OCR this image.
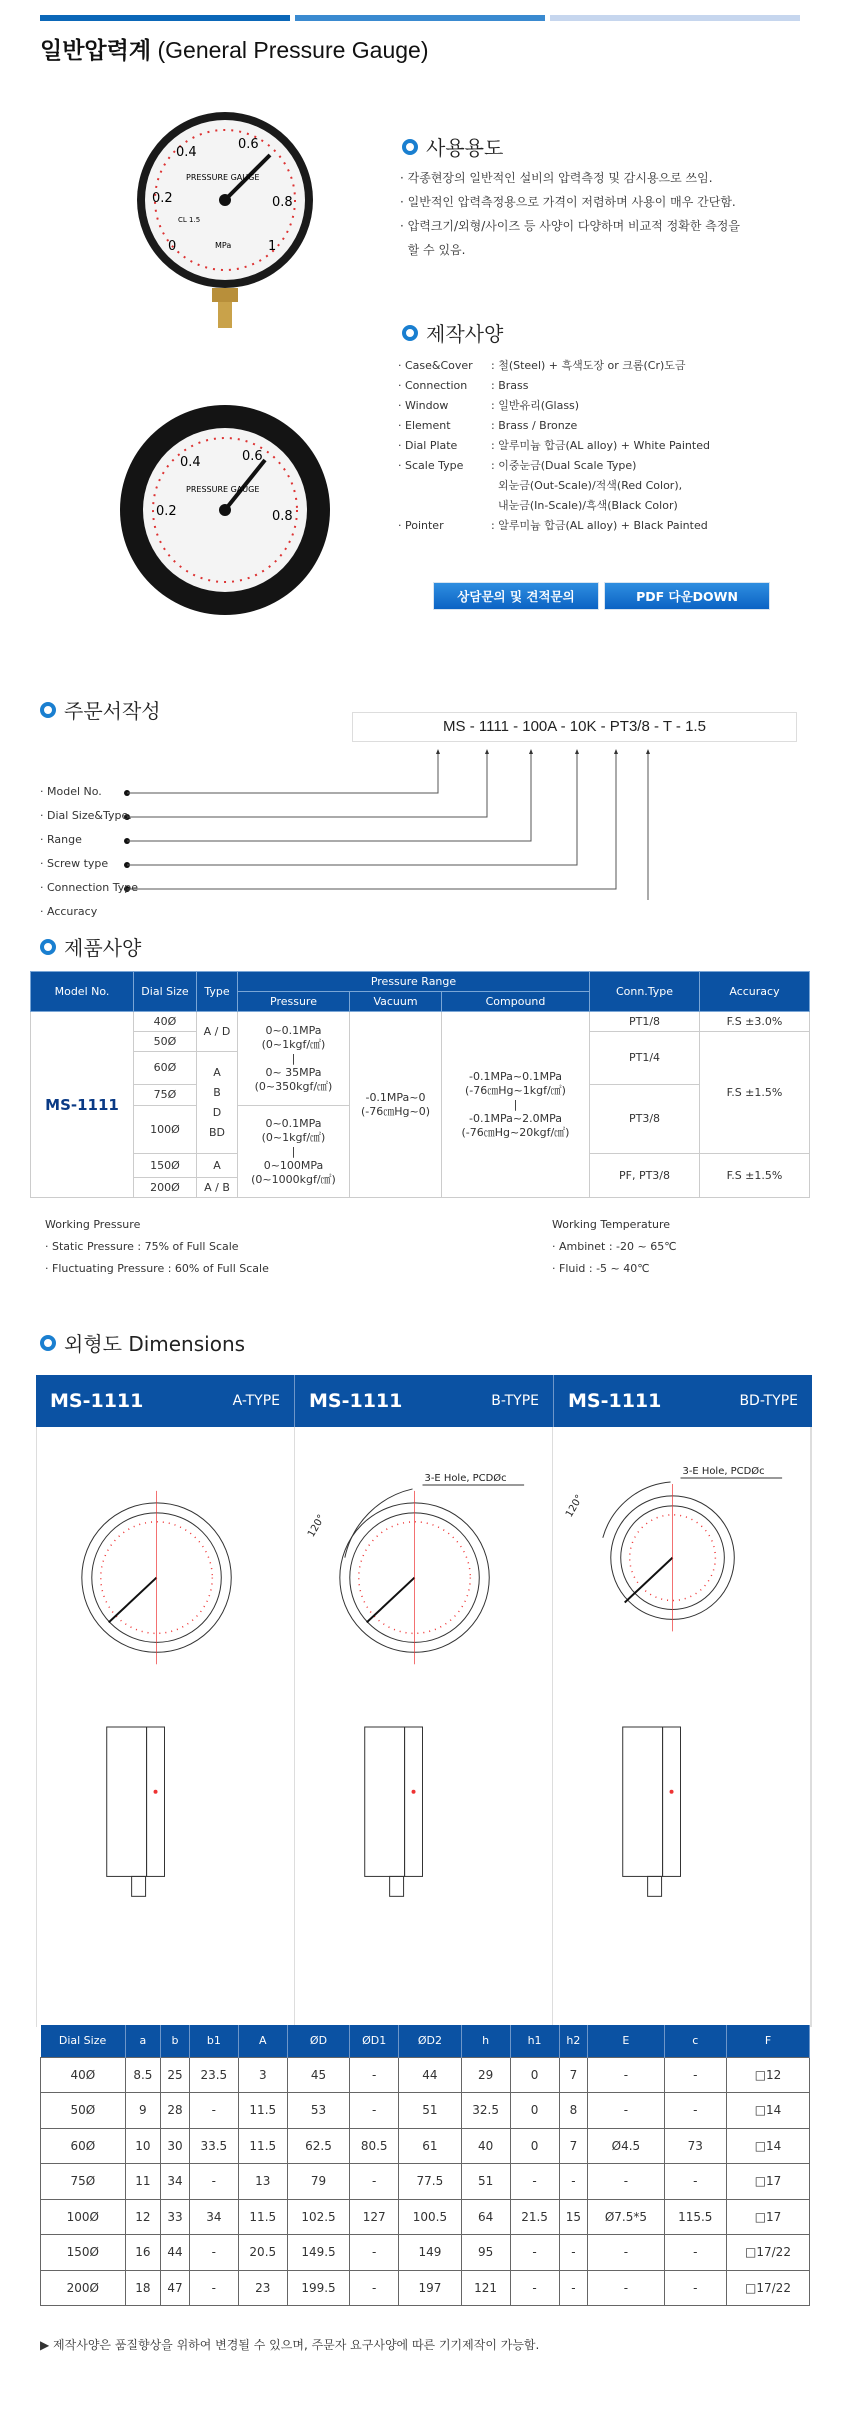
일반압력계 (General Pressure Gauge)
0.4
0.6
0.2	0.8
0	1
PRESSURE GAUGE
CL 1.5
MPa
0.4
0.2
0.6
0.8
PRESSURE GAUGE
사용용도
· 각종현장의 일반적인 설비의 압력측정 및 감시용으로 쓰임.
· 일반적인 압력측정용으로 가격이 저렴하며 사용이 매우 간단함.
· 압력크기/외형/사이즈 등 사양이 다양하며 비교적 정확한 측정을
할 수 있음.
제작사양
· Case&Cover	: 철(Steel) + 흑색도장 or 크롬(Cr)도금
· Connection	: Brass
· Window	: 일반유리(Glass)
· Element	: Brass / Bronze
· Dial Plate	: 알루미늄 합금(AL alloy) + White Painted
· Scale Type	: 이중눈금(Dual Scale Type)
외눈금(Out-Scale)/적색(Red Color),
내눈금(In-Scale)/흑색(Black Color)
· Pointer	: 알루미늄 합금(AL alloy) + Black Painted
상담문의 및 견적문의	PDF 다운DOWN
주문서작성
MS - 1111 - 100A - 10K - PT3/8 - T - 1.5
· Model No.
· Dial Size&Type.
· Range
· Screw type
· Connection Type
· Accuracy
제품사양
Model No.	Dial Size	Type	Pressure Range			Conn.Type	Accuracy
			Pressure	Vacuum	Compound		
MS-1111	40Ø	A / D	0~0.1MPa
(0~1kgf/㎠)
|
0~ 35MPa
(0~350kgf/㎠)	-0.1MPa~0
(-76㎝Hg~0)	-0.1MPa~0.1MPa
(-76㎝Hg~1kgf/㎠)
|
-0.1MPa~2.0MPa
(-76㎝Hg~20kgf/㎠)	PT1/8	F.S ±3.0%
	50Ø					PT1/4	F.S ±1.5%
	60Ø	A
B
D
BD					
	75Ø					PT3/8	
	100Ø		0~0.1MPa
(0~1kgf/㎠)
|
0~100MPa
(0~1000kgf/㎠)				
	150Ø	A				PF, PT3/8	F.S ±1.5%
	200Ø	A / B					
Working Pressure
· Static Pressure : 75% of Full Scale
· Fluctuating Pressure : 60% of Full Scale
Working Temperature
· Ambinet : -20 ~ 65℃
· Fluid : -5 ~ 40℃
외형도 Dimensions
MS-1111	A-TYPE MS-1111	B-TYPE MS-1111	BD-TYPE
3-E Hole, PCDØc
120°
3-E Hole, PCDØc
120°
Dial Size	a	b	b1	A	ØD	ØD1	ØD2	h	h1	h2	E	c	F
40Ø	8.5	25	23.5	3	45	-	44	29	0	7	-	-	□12
50Ø	9	28	-	11.5	53	-	51	32.5	0	8	-	-	□14
60Ø	10	30	33.5	11.5	62.5	80.5	61	40	0	7	Ø4.5	73	□14
75Ø	11	34	-	13	79	-	77.5	51	-	-	-	-	□17
100Ø	12	33	34	11.5	102.5	127	100.5	64	21.5	15	Ø7.5*5	115.5	□17
150Ø	16	44	-	20.5	149.5	-	149	95	-	-	-	-	□17/22
200Ø	18	47	-	23	199.5	-	197	121	-	-	-	-	□17/22
▶ 제작사양은 품질향상을 위하여 변경될 수 있으며, 주문자 요구사양에 따른 기기제작이 가능함.
